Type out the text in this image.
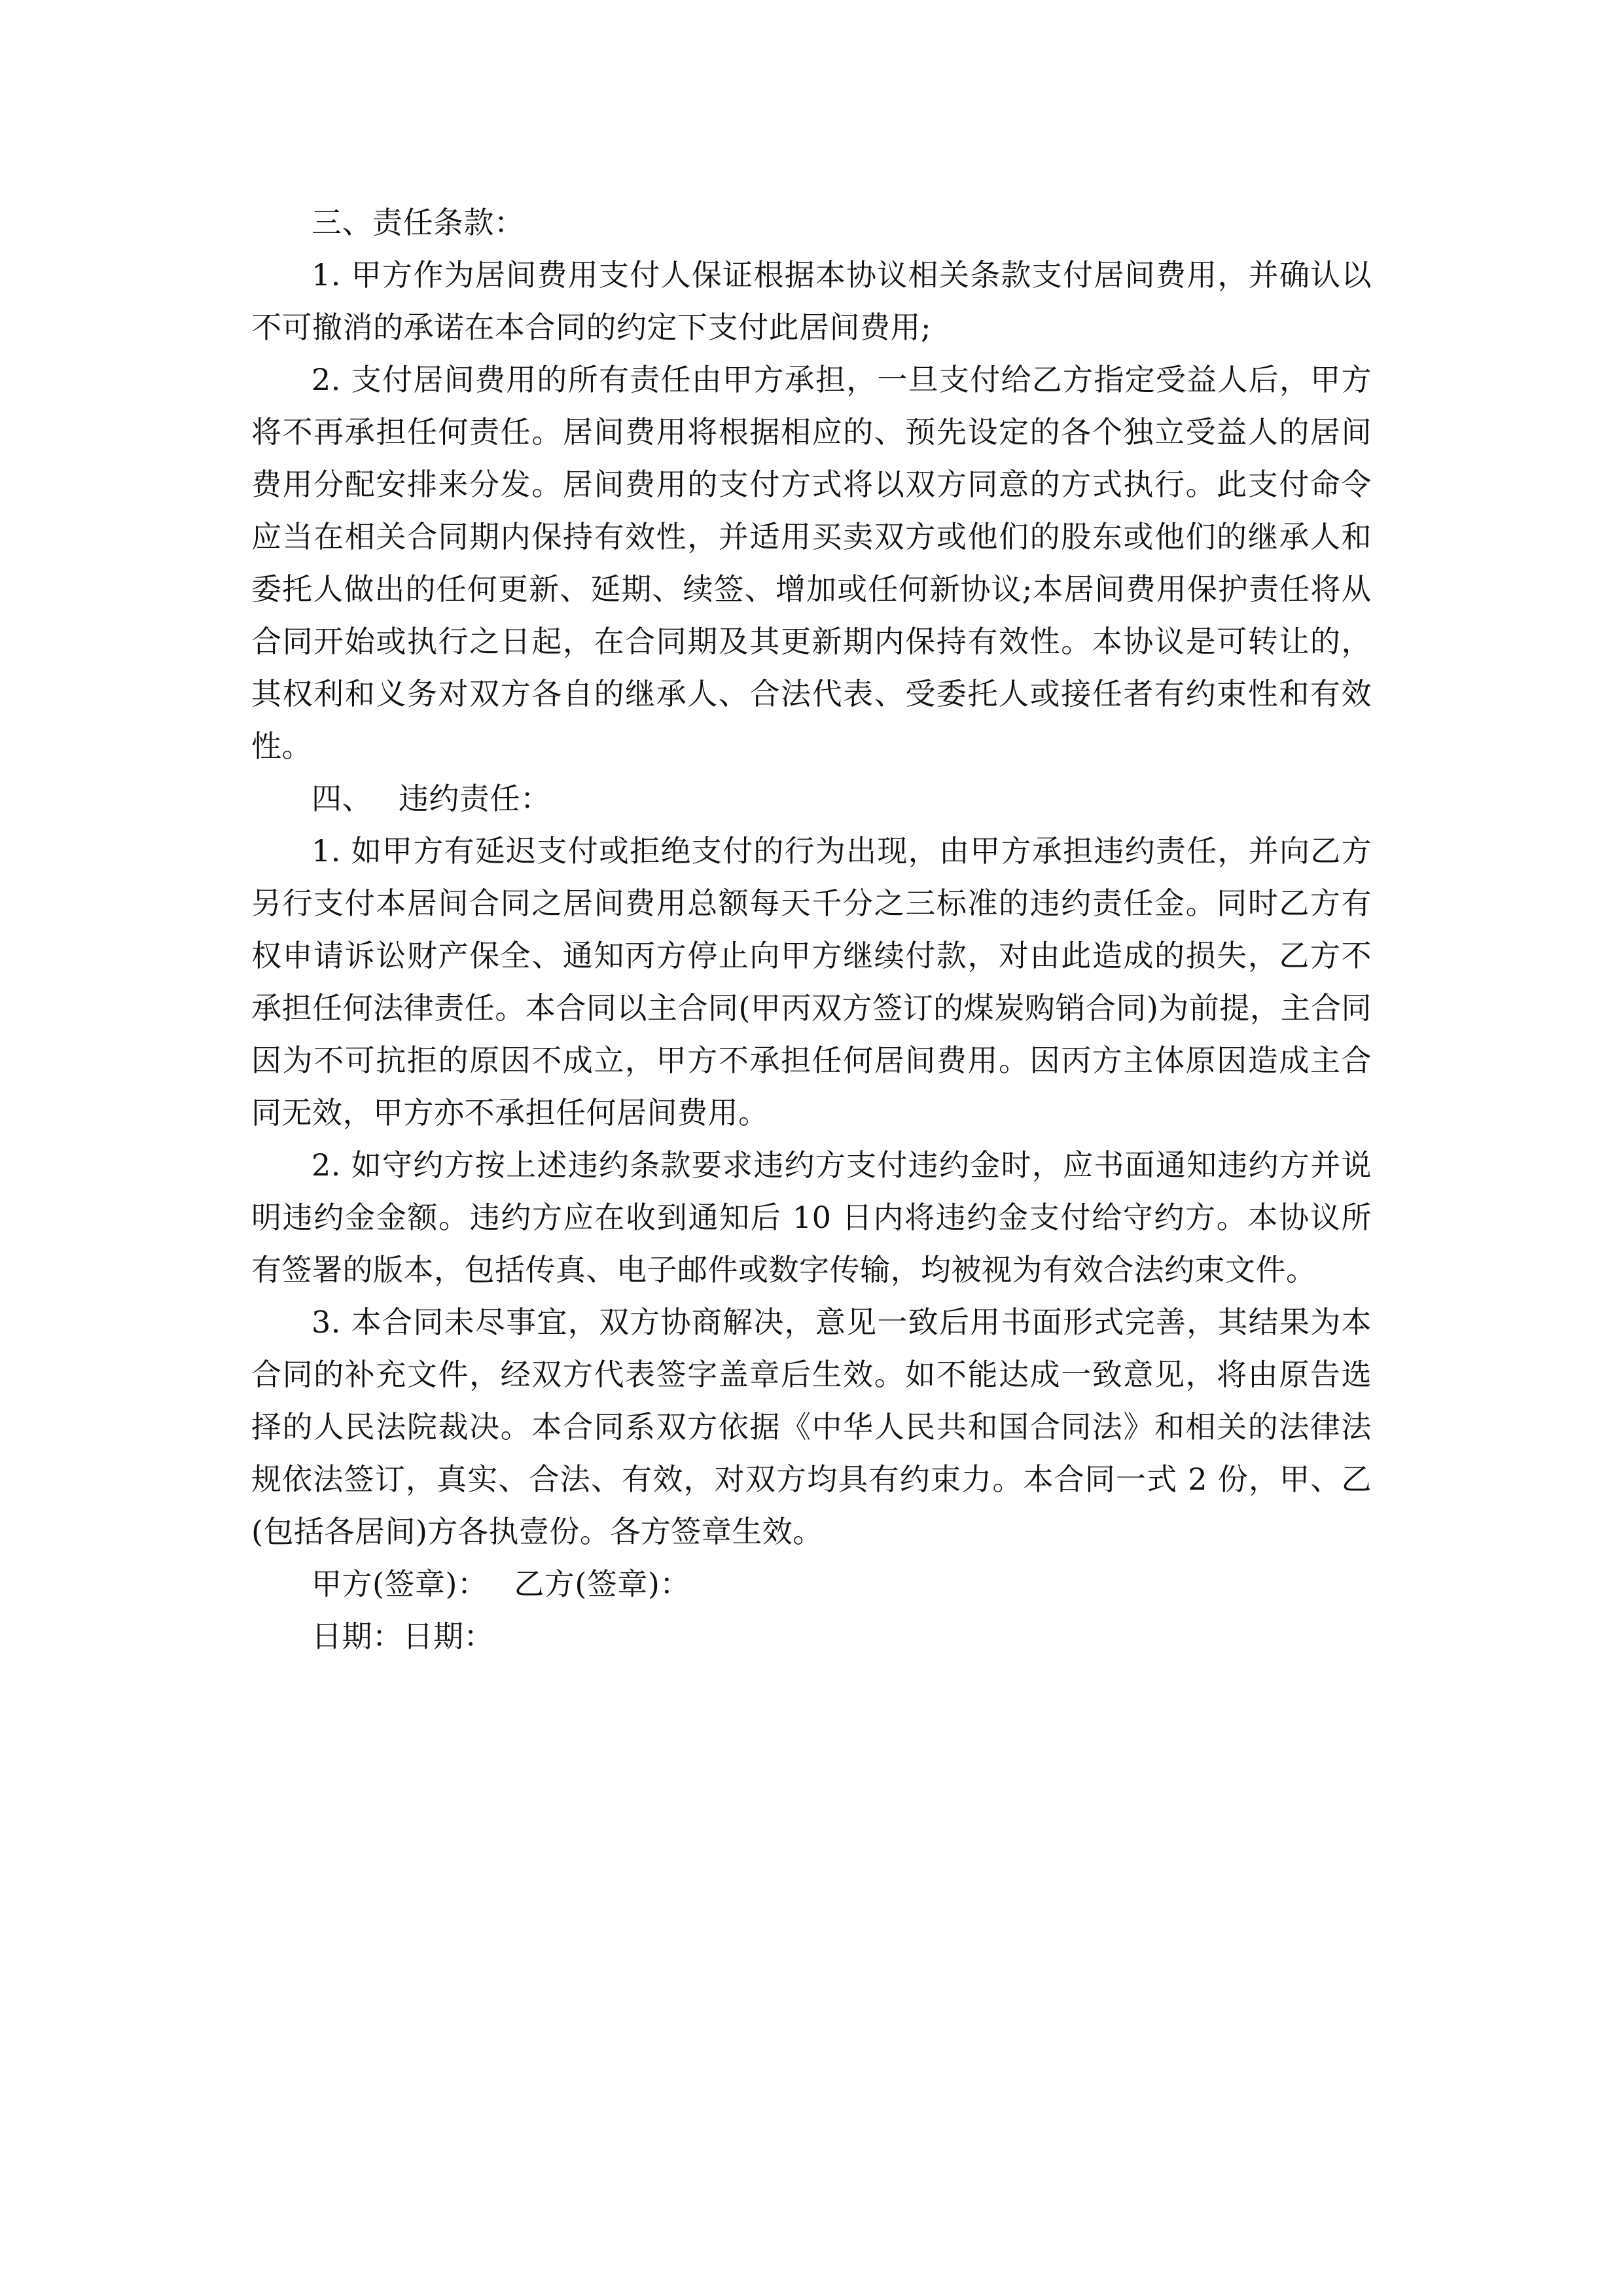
三、责任条款：

1. 甲方作为居间费用支付人保证根据本协议相关条款支付居间费用，并确认以不可撤消的承诺在本合同的约定下支付此居间费用;

2. 支付居间费用的所有责任由甲方承担，一旦支付给乙方指定受益人后，甲方将不再承担任何责任。居间费用将根据相应的、预先设定的各个独立受益人的居间费用分配安排来分发。居间费用的支付方式将以双方同意的方式执行。此支付命令应当在相关合同期内保持有效性，并适用买卖双方或他们的股东或他们的继承人和委托人做出的任何更新、延期、续签、增加或任何新协议;本居间费用保护责任将从合同开始或执行之日起，在合同期及其更新期内保持有效性。本协议是可转让的，其权利和义务对双方各自的继承人、合法代表、受委托人或接任者有约束性和有效性。

四、 违约责任：

1. 如甲方有延迟支付或拒绝支付的行为出现，由甲方承担违约责任，并向乙方另行支付本居间合同之居间费用总额每天千分之三标准的违约责任金。同时乙方有权申请诉讼财产保全、通知丙方停止向甲方继续付款，对由此造成的损失，乙方不承担任何法律责任。本合同以主合同(甲丙双方签订的煤炭购销合同)为前提，主合同因为不可抗拒的原因不成立，甲方不承担任何居间费用。因丙方主体原因造成主合同无效，甲方亦不承担任何居间费用。

2. 如守约方按上述违约条款要求违约方支付违约金时，应书面通知违约方并说明违约金金额。违约方应在收到通知后 10 日内将违约金支付给守约方。本协议所有签署的版本，包括传真、电子邮件或数字传输，均被视为有效合法约束文件。

3. 本合同未尽事宜，双方协商解决，意见一致后用书面形式完善，其结果为本合同的补充文件，经双方代表签字盖章后生效。如不能达成一致意见，将由原告选择的人民法院裁决。本合同系双方依据《中华人民共和国合同法》和相关的法律法规依法签订，真实、合法、有效，对双方均具有约束力。本合同一式 2 份，甲、乙(包括各居间)方各执壹份。各方签章生效。

甲方(签章)： 乙方(签章)：

日期：日期：
